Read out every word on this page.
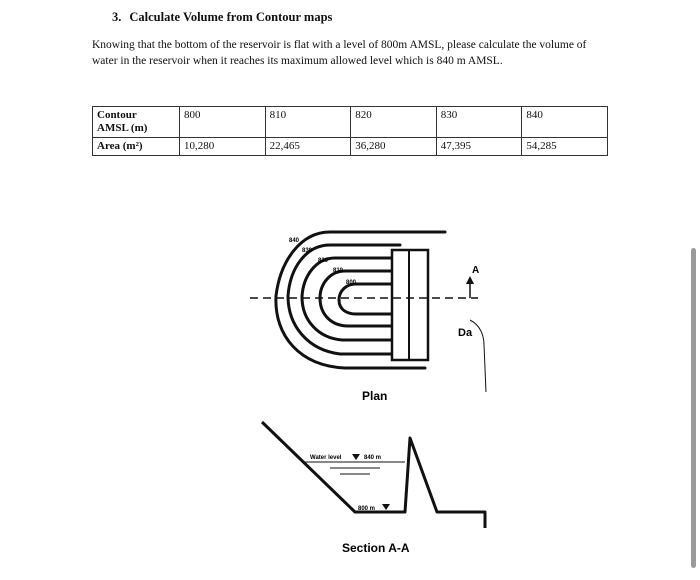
3. Calculate Volume from Contour maps
Knowing that the bottom of the reservoir is flat with a level of 800m AMSL, please calculate the volume of water in the reservoir when it reaches its maximum allowed level which is 840 m AMSL.
Contour
AMSL (m)	800	810	820	830	840
Area (m²)	10,280	22,465	36,280	47,395	54,285
A
Da
840
830
820
810
800
Plan
Water level	840 m
800 m
Section A-A
